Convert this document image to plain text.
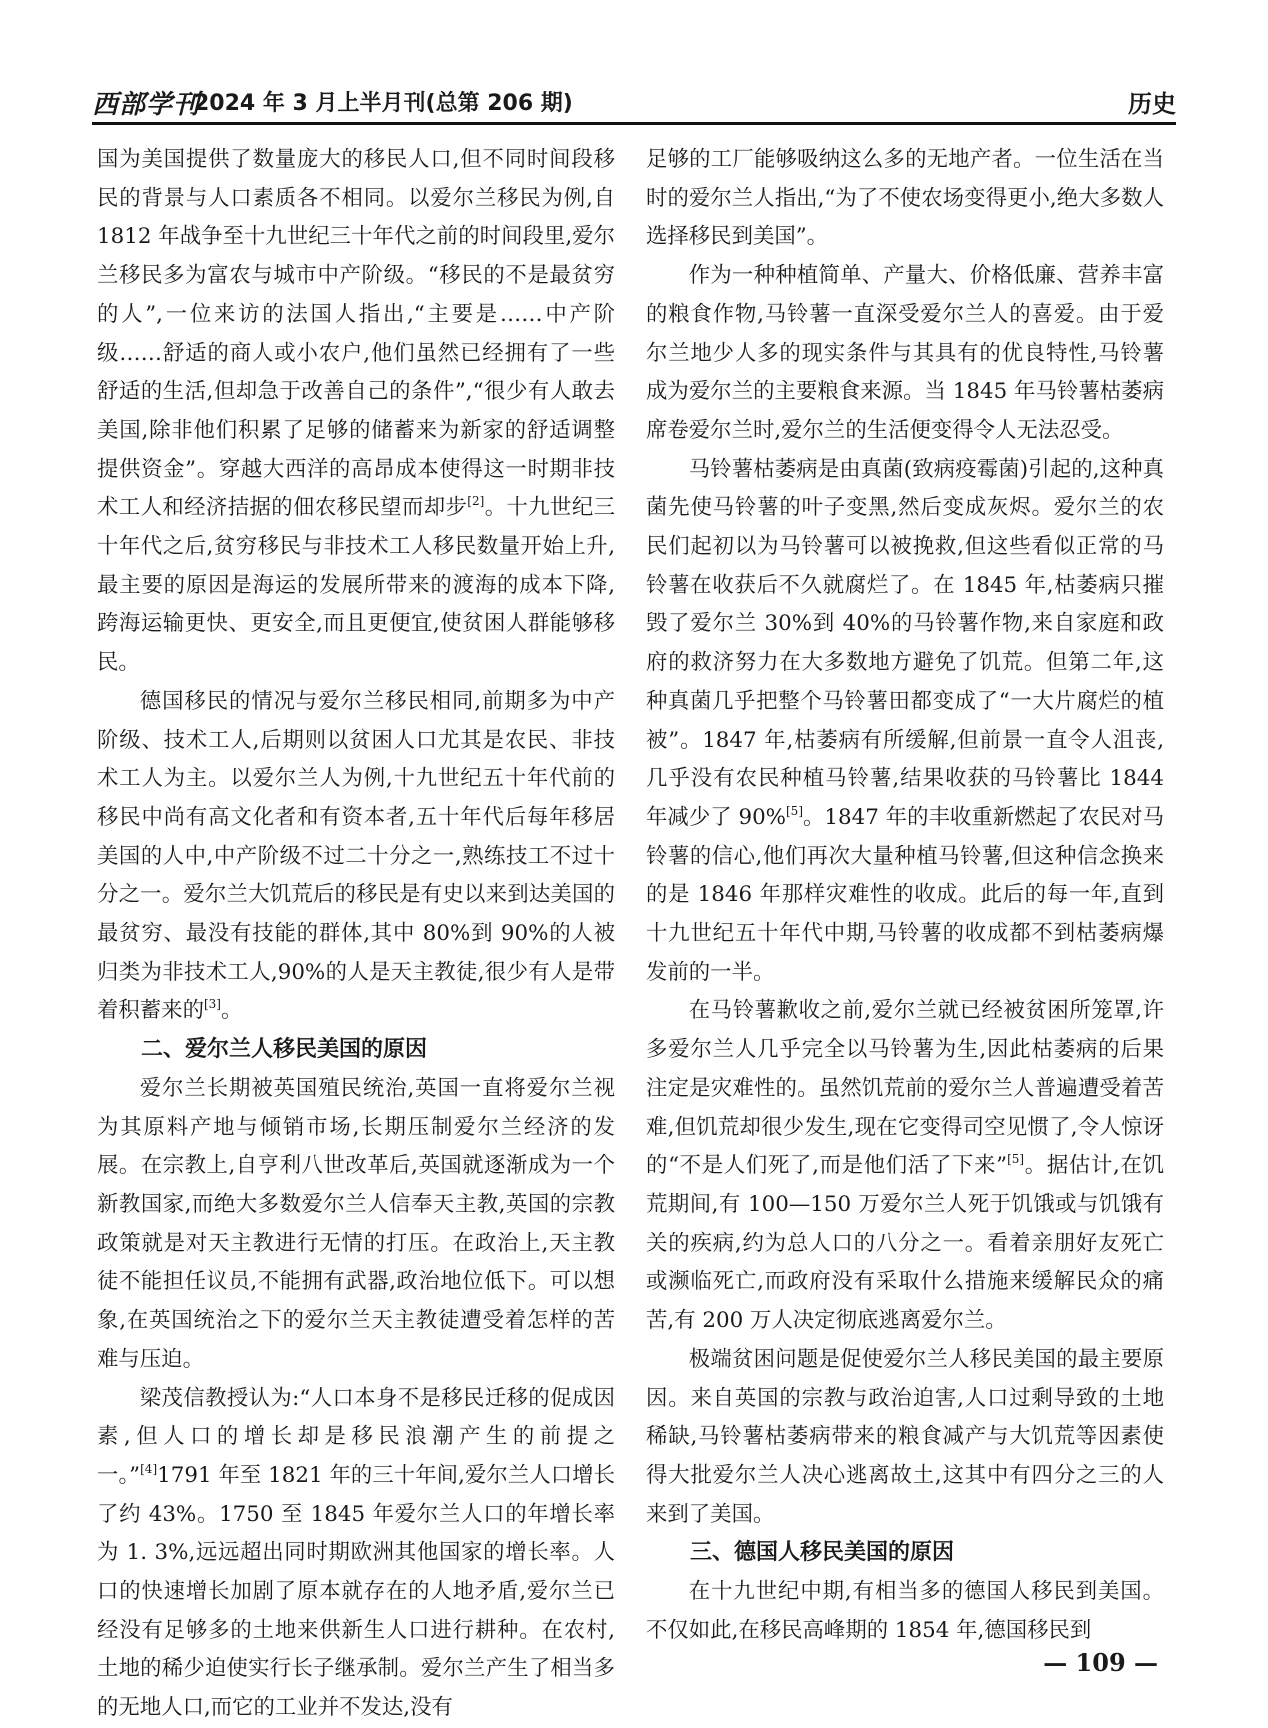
西部学刊
2024 年 3 月上半月刊(总第 206 期)	历史

国为美国提供了数量庞大的移民人口,但不同时间段移民的背景与人口素质各不相同。以爱尔兰移民为例,自 1812 年战争至十九世纪三十年代之前的时间段里,爱尔兰移民多为富农与城市中产阶级。“移民的不是最贫穷的人”,一位来访的法国人指出,“主要是……中产阶级……舒适的商人或小农户,他们虽然已经拥有了一些舒适的生活,但却急于改善自己的条件”,“很少有人敢去美国,除非他们积累了足够的储蓄来为新家的舒适调整提供资金”。穿越大西洋的高昂成本使得这一时期非技术工人和经济拮据的佃农移民望而却步[2]。十九世纪三十年代之后,贫穷移民与非技术工人移民数量开始上升,最主要的原因是海运的发展所带来的渡海的成本下降,跨海运输更快、更安全,而且更便宜,使贫困人群能够移民。

德国移民的情况与爱尔兰移民相同,前期多为中产阶级、技术工人,后期则以贫困人口尤其是农民、非技术工人为主。以爱尔兰人为例,十九世纪五十年代前的移民中尚有高文化者和有资本者,五十年代后每年移居美国的人中,中产阶级不过二十分之一,熟练技工不过十分之一。爱尔兰大饥荒后的移民是有史以来到达美国的最贫穷、最没有技能的群体,其中 80%到 90%的人被归类为非技术工人,90%的人是天主教徒,很少有人是带着积蓄来的[3]。

二、爱尔兰人移民美国的原因

爱尔兰长期被英国殖民统治,英国一直将爱尔兰视为其原料产地与倾销市场,长期压制爱尔兰经济的发展。在宗教上,自亨利八世改革后,英国就逐渐成为一个新教国家,而绝大多数爱尔兰人信奉天主教,英国的宗教政策就是对天主教进行无情的打压。在政治上,天主教徒不能担任议员,不能拥有武器,政治地位低下。可以想象,在英国统治之下的爱尔兰天主教徒遭受着怎样的苦难与压迫。

梁茂信教授认为:“人口本身不是移民迁移的促成因素,但人口的增长却是移民浪潮产生的前提之一。”[4]1791 年至 1821 年的三十年间,爱尔兰人口增长了约 43%。1750 至 1845 年爱尔兰人口的年增长率为 1. 3%,远远超出同时期欧洲其他国家的增长率。人口的快速增长加剧了原本就存在的人地矛盾,爱尔兰已经没有足够多的土地来供新生人口进行耕种。在农村,土地的稀少迫使实行长子继承制。爱尔兰产生了相当多的无地人口,而它的工业并不发达,没有

足够的工厂能够吸纳这么多的无地产者。一位生活在当时的爱尔兰人指出,“为了不使农场变得更小,绝大多数人选择移民到美国”。

作为一种种植简单、产量大、价格低廉、营养丰富的粮食作物,马铃薯一直深受爱尔兰人的喜爱。由于爱尔兰地少人多的现实条件与其具有的优良特性,马铃薯成为爱尔兰的主要粮食来源。当 1845 年马铃薯枯萎病席卷爱尔兰时,爱尔兰的生活便变得令人无法忍受。

马铃薯枯萎病是由真菌(致病疫霉菌)引起的,这种真菌先使马铃薯的叶子变黑,然后变成灰烬。爱尔兰的农民们起初以为马铃薯可以被挽救,但这些看似正常的马铃薯在收获后不久就腐烂了。在 1845 年,枯萎病只摧毁了爱尔兰 30%到 40%的马铃薯作物,来自家庭和政府的救济努力在大多数地方避免了饥荒。但第二年,这种真菌几乎把整个马铃薯田都变成了“一大片腐烂的植被”。1847 年,枯萎病有所缓解,但前景一直令人沮丧,几乎没有农民种植马铃薯,结果收获的马铃薯比 1844 年减少了 90%[5]。1847 年的丰收重新燃起了农民对马铃薯的信心,他们再次大量种植马铃薯,但这种信念换来的是 1846 年那样灾难性的收成。此后的每一年,直到十九世纪五十年代中期,马铃薯的收成都不到枯萎病爆发前的一半。

在马铃薯歉收之前,爱尔兰就已经被贫困所笼罩,许多爱尔兰人几乎完全以马铃薯为生,因此枯萎病的后果注定是灾难性的。虽然饥荒前的爱尔兰人普遍遭受着苦难,但饥荒却很少发生,现在它变得司空见惯了,令人惊讶的“不是人们死了,而是他们活了下来”[5]。据估计,在饥荒期间,有 100—150 万爱尔兰人死于饥饿或与饥饿有关的疾病,约为总人口的八分之一。看着亲朋好友死亡或濒临死亡,而政府没有采取什么措施来缓解民众的痛苦,有 200 万人决定彻底逃离爱尔兰。

极端贫困问题是促使爱尔兰人移民美国的最主要原因。来自英国的宗教与政治迫害,人口过剩导致的土地稀缺,马铃薯枯萎病带来的粮食减产与大饥荒等因素使得大批爱尔兰人决心逃离故土,这其中有四分之三的人来到了美国。

三、德国人移民美国的原因

在十九世纪中期,有相当多的德国人移民到美国。不仅如此,在移民高峰期的 1854 年,德国移民到

— 109 —
